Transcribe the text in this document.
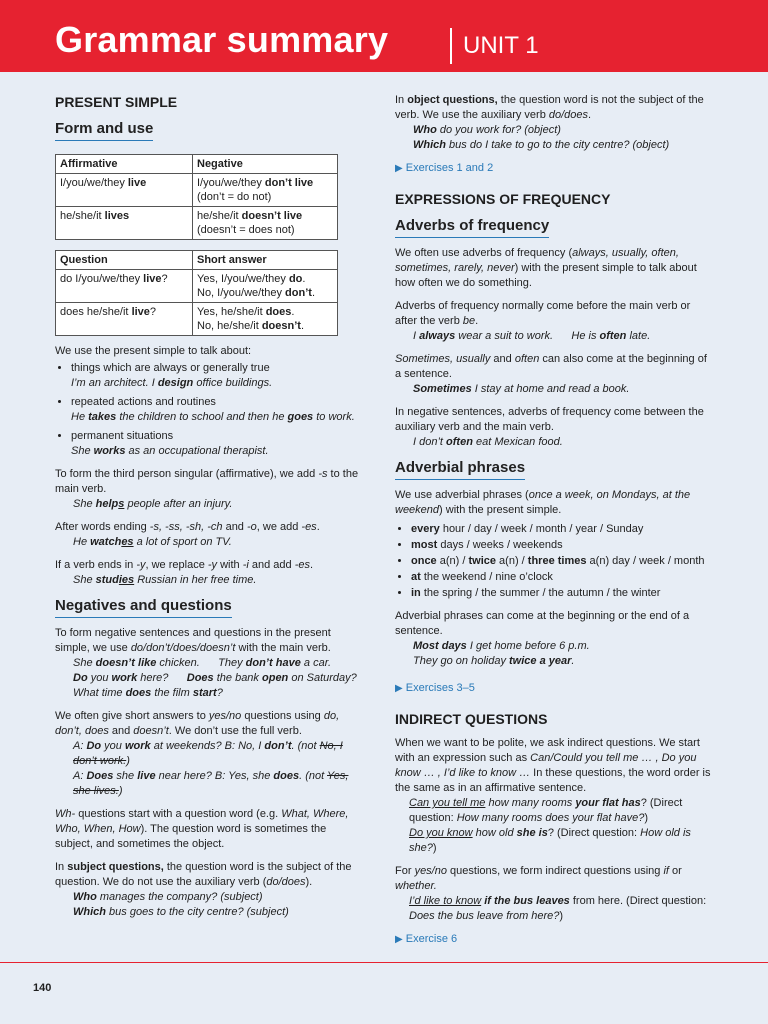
Grammar summary	UNIT 1
PRESENT SIMPLE
Form and use
Affirmative	Negative
I/you/we/they live	I/you/we/they don’t live
(don’t = do not)
he/she/it lives	he/she/it doesn’t live
(doesn’t = does not)
Question	Short answer
do I/you/we/they live?	Yes, I/you/we/they do.
No, I/you/we/they don’t.
does he/she/it live?	Yes, he/she/it does.
No, he/she/it doesn’t.

We use the present simple to talk about:

• things which are always or generally true
I’m an architect. I design office buildings.
• repeated actions and routines
He takes the children to school and then he goes to work.
• permanent situations
She works as an occupational therapist.

To form the third person singular (affirmative), we add -s to the main verb.

She helps people after an injury.

After words ending -s, -ss, -sh, -ch and -o, we add -es.

He watches a lot of sport on TV.

If a verb ends in -y, we replace -y with -i and add -es.

She studies Russian in her free time.

Negatives and questions

To form negative sentences and questions in the present simple, we use do/don’t/does/doesn’t with the main verb.

She doesn’t like chicken. They don’t have a car.

Do you work here? Does the bank open on Saturday?

What time does the film start?

We often give short answers to yes/no questions using do, don’t, does and doesn’t. We don’t use the full verb.

A: Do you work at weekends? B: No, I don’t. (not No, I don’t work.)

A: Does she live near here? B: Yes, she does. (not Yes, she lives.)

Wh- questions start with a question word (e.g. What, Where, Who, When, How). The question word is sometimes the subject, and sometimes the object.

In subject questions, the question word is the subject of the question. We do not use the auxiliary verb (do/does).

Who manages the company? (subject)

Which bus goes to the city centre? (subject)

In object questions, the question word is not the subject of the verb. We use the auxiliary verb do/does.

Who do you work for? (object)

Which bus do I take to go to the city centre? (object)

▶ Exercises 1 and 2

EXPRESSIONS OF FREQUENCY
Adverbs of frequency

We often use adverbs of frequency (always, usually, often, sometimes, rarely, never) with the present simple to talk about how often we do something.

Adverbs of frequency normally come before the main verb or after the verb be.

I always wear a suit to work. He is often late.

Sometimes, usually and often can also come at the beginning of a sentence.

Sometimes I stay at home and read a book.

In negative sentences, adverbs of frequency come between the auxiliary verb and the main verb.

I don’t often eat Mexican food.

Adverbial phrases

We use adverbial phrases (once a week, on Mondays, at the weekend) with the present simple.

• every hour / day / week / month / year / Sunday
• most days / weeks / weekends
• once a(n) / twice a(n) / three times a(n) day / week / month
• at the weekend / nine o’clock
• in the spring / the summer / the autumn / the winter

Adverbial phrases can come at the beginning or the end of a sentence.

Most days I get home before 6 p.m.

They go on holiday twice a year.

▶ Exercises 3–5

INDIRECT QUESTIONS

When we want to be polite, we ask indirect questions. We start with an expression such as Can/Could you tell me … , Do you know … , I’d like to know … In these questions, the word order is the same as in an affirmative sentence.

Can you tell me how many rooms your flat has? (Direct question: How many rooms does your flat have?)

Do you know how old she is? (Direct question: How old is she?)

For yes/no questions, we form indirect questions using if or whether.

I’d like to know if the bus leaves from here. (Direct question: Does the bus leave from here?)

▶ Exercise 6

140
